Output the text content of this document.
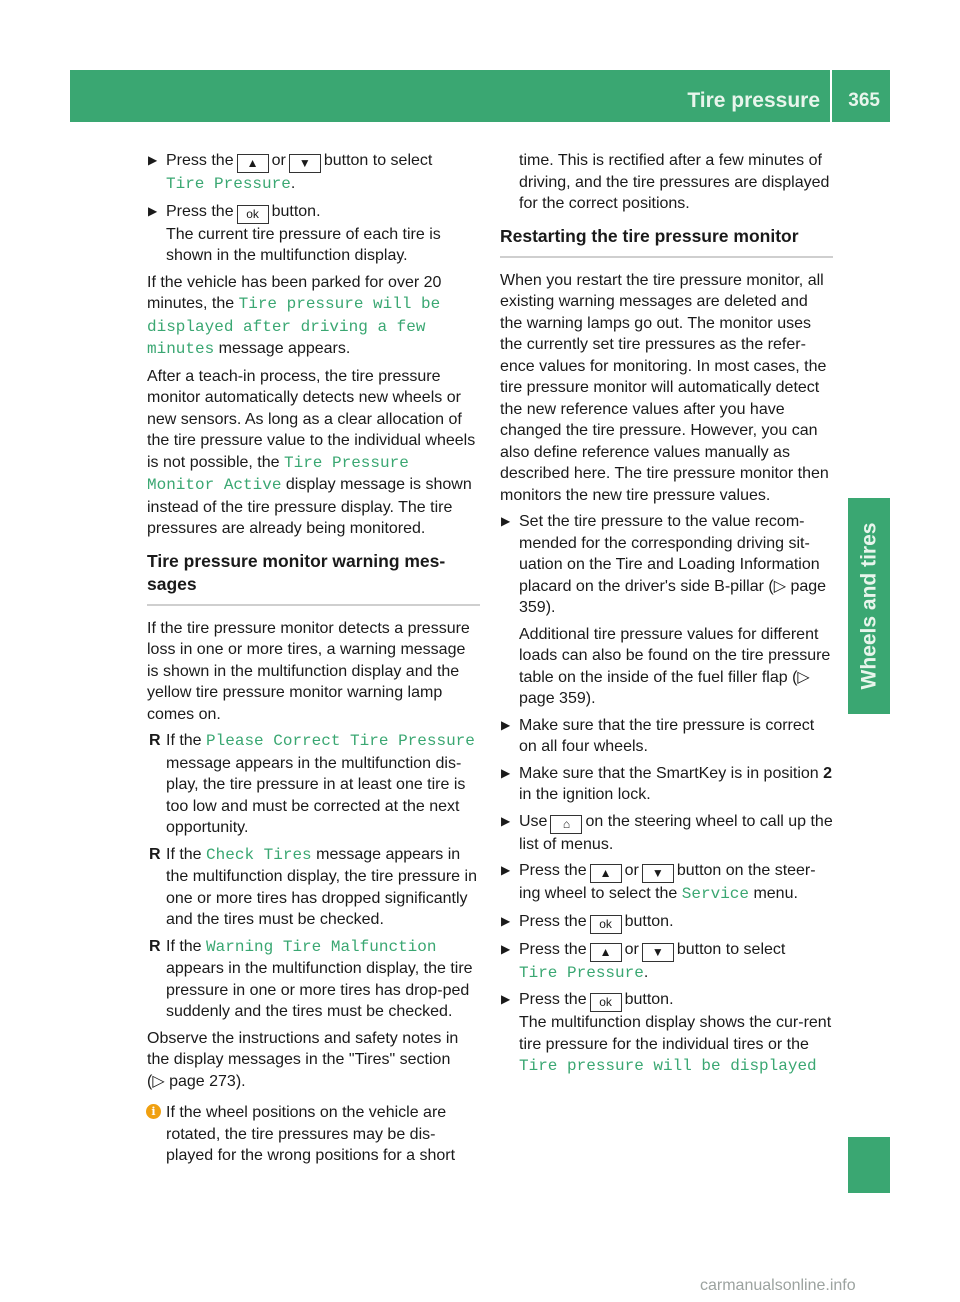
Tire pressure 365
Wheels and tires
▶ Press the ▲ or ▼ button to select
Tire Pressure.
▶ Press the ok button.
The current tire pressure of each tire is shown in the multifunction display.

If the vehicle has been parked for over 20 minutes, the Tire pressure will be displayed after driving a few minutes message appears.

After a teach-in process, the tire pressure monitor automatically detects new wheels or new sensors. As long as a clear allocation of the tire pressure value to the individual wheels is not possible, the Tire Pressure Monitor Active display message is shown instead of the tire pressure display. The tire pressures are already being monitored.

Tire pressure monitor warning mes-sages

If the tire pressure monitor detects a pressure loss in one or more tires, a warning message is shown in the multifunction display and the yellow tire pressure monitor warning lamp comes on.

R If the Please Correct Tire Pressure message appears in the multifunction dis-play, the tire pressure in at least one tire is too low and must be corrected at the next opportunity.
R If the Check Tires message appears in the multifunction display, the tire pressure in one or more tires has dropped significantly and the tires must be checked.
R If the Warning Tire Malfunction appears in the multifunction display, the tire pressure in one or more tires has drop-ped suddenly and the tires must be checked.

Observe the instructions and safety notes in the display messages in the "Tires" section
(▷ page 273).

i If the wheel positions on the vehicle are rotated, the tire pressures may be dis-played for the wrong positions for a short

time. This is rectified after a few minutes of driving, and the tire pressures are displayed for the correct positions.

Restarting the tire pressure monitor

When you restart the tire pressure monitor, all existing warning messages are deleted and the warning lamps go out. The monitor uses the currently set tire pressures as the refer-ence values for monitoring. In most cases, the tire pressure monitor will automatically detect the new reference values after you have changed the tire pressure. However, you can also define reference values manually as described here. The tire pressure monitor then monitors the new tire pressure values.

▶ Set the tire pressure to the value recom-mended for the corresponding driving sit-uation on the Tire and Loading Information placard on the driver's side B-pillar (▷ page 359).

Additional tire pressure values for different loads can also be found on the tire pressure table on the inside of the fuel filler flap (▷ page 359).

▶ Make sure that the tire pressure is correct on all four wheels.
▶ Make sure that the SmartKey is in position 2 in the ignition lock.
▶ Use ⌂ on the steering wheel to call up the list of menus.
▶ Press the ▲ or ▼ button on the steer-ing wheel to select the Service menu.
▶ Press the ok button.
▶ Press the ▲ or ▼ button to select
Tire Pressure.
▶ Press the ok button.
The multifunction display shows the cur-rent tire pressure for the individual tires or the Tire pressure will be displayed
carmanualsonline.info
